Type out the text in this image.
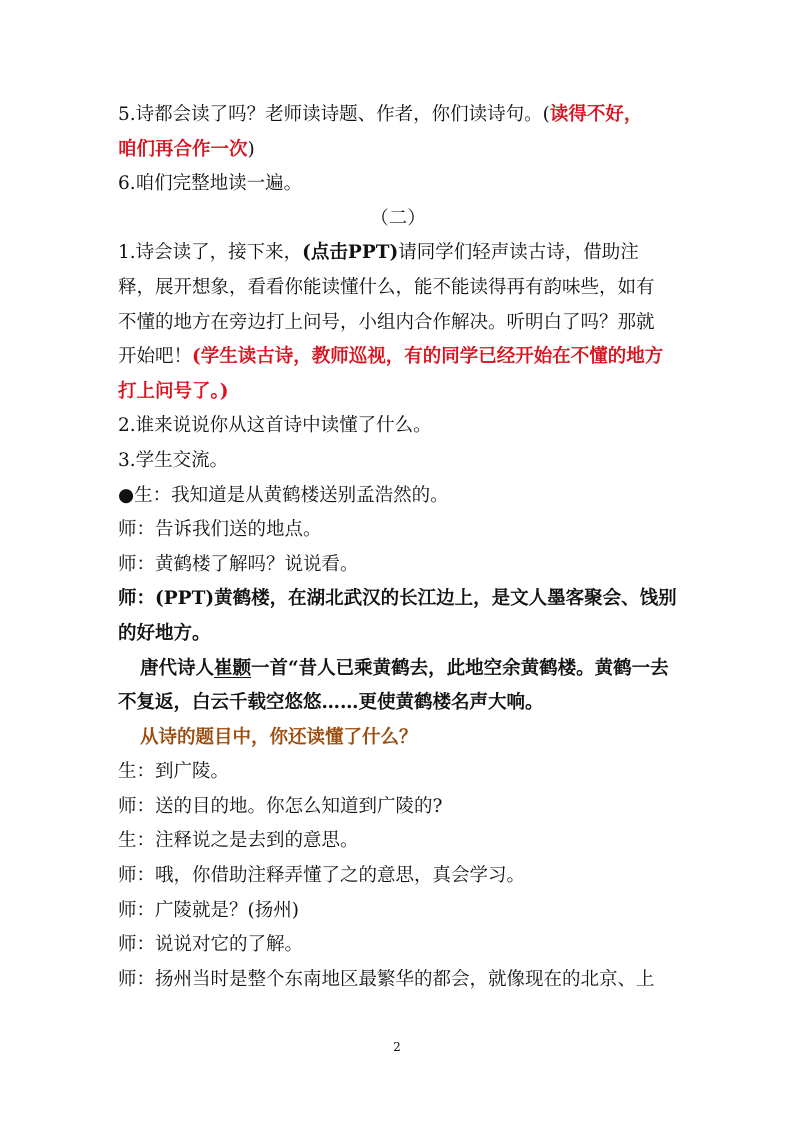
5.诗都会读了吗？老师读诗题、作者，你们读诗句。(读得不好，
咱们再合作一次)
6.咱们完整地读一遍。
（二）
1.诗会读了，接下来，(点击PPT)请同学们轻声读古诗，借助注
释，展开想象，看看你能读懂什么，能不能读得再有韵味些，如有
不懂的地方在旁边打上问号，小组内合作解决。听明白了吗？那就
开始吧！(学生读古诗，教师巡视，有的同学已经开始在不懂的地方
打上问号了。)
2.谁来说说你从这首诗中读懂了什么。
3.学生交流。
●生：我知道是从黄鹤楼送别孟浩然的。
师：告诉我们送的地点。
师：黄鹤楼了解吗？说说看。
师：(PPT)黄鹤楼，在湖北武汉的长江边上，是文人墨客聚会、饯别
的好地方。
唐代诗人崔颢一首“昔人已乘黄鹤去，此地空余黄鹤楼。黄鹤一去
不复返，白云千载空悠悠……更使黄鹤楼名声大响。
从诗的题目中，你还读懂了什么？
生：到广陵。
师：送的目的地。你怎么知道到广陵的?
生：注释说之是去到的意思。
师：哦，你借助注释弄懂了之的意思，真会学习。
师：广陵就是？(扬州)
师：说说对它的了解。
师：扬州当时是整个东南地区最繁华的都会，就像现在的北京、上
2
